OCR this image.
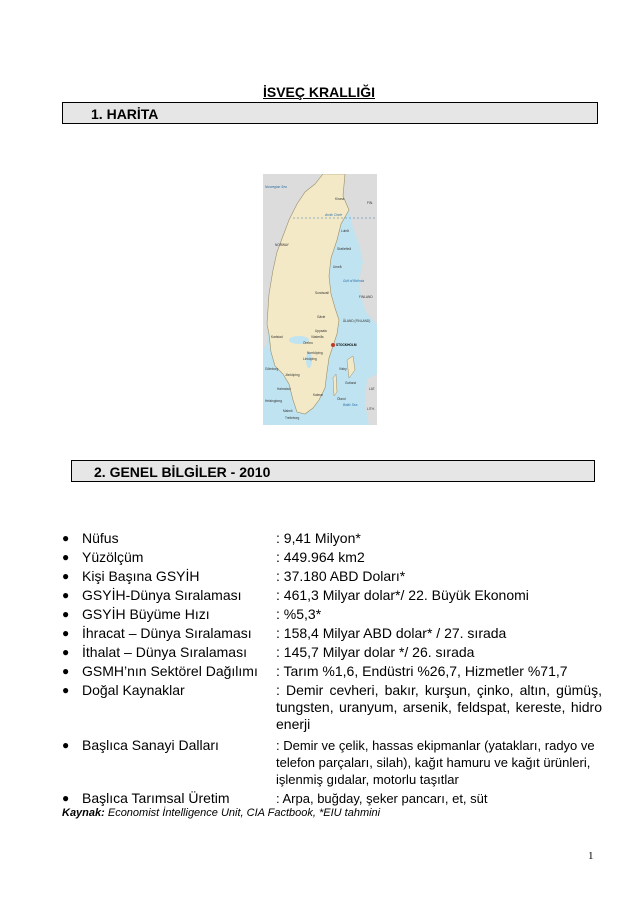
İSVEÇ KRALLIĞI
1. HARİTA
Norwegian Sea
Arctic Circle
NORWAY
FINLAND
FIN.
Kiruna
Luleå
Skellefteå
Umeå
Gulf of Bothnia
Sundsvall
Gävle
ÅLAND (FINLAND)
Uppsala
Västerås
Örebro
Karlstad
STOCKHOLM
Norrköping
Linköping
Göteborg
Jönköping
Gotland
Visby
Öland
Kalmar
Halmstad
Helsingborg
Malmö
Trelleborg
Baltic Sea
LAT.
LITH.
2. GENEL BİLGİLER - 2010
● Nüfus	: 9,41 Milyon*
● Yüzölçüm	: 449.964 km2
● Kişi Başına GSYİH	: 37.180 ABD Doları*
● GSYİH-Dünya Sıralaması	: 461,3 Milyar dolar*/ 22. Büyük Ekonomi
● GSYİH Büyüme Hızı	: %5,3*
● İhracat – Dünya Sıralaması	: 158,4 Milyar ABD dolar* / 27. sırada
● İthalat – Dünya Sıralaması	: 145,7 Milyar dolar */ 26. sırada
● GSMH’nın Sektörel Dağılımı	: Tarım %1,6, Endüstri %26,7, Hizmetler %71,7
● Doğal Kaynaklar	: Demir cevheri, bakır, kurşun, çinko, altın, gümüş, tungsten, uranyum, arsenik, feldspat, kereste, hidro enerji
● Başlıca Sanayi Dalları	: Demir ve çelik, hassas ekipmanlar (yatakları, radyo ve telefon parçaları, silah), kağıt hamuru ve kağıt ürünleri, işlenmiş gıdalar, motorlu taşıtlar
● Başlıca Tarımsal Üretim	: Arpa, buğday, şeker pancarı, et, süt
Kaynak: Economist İntelligence Unit, CIA Factbook, *EIU tahmini
1
